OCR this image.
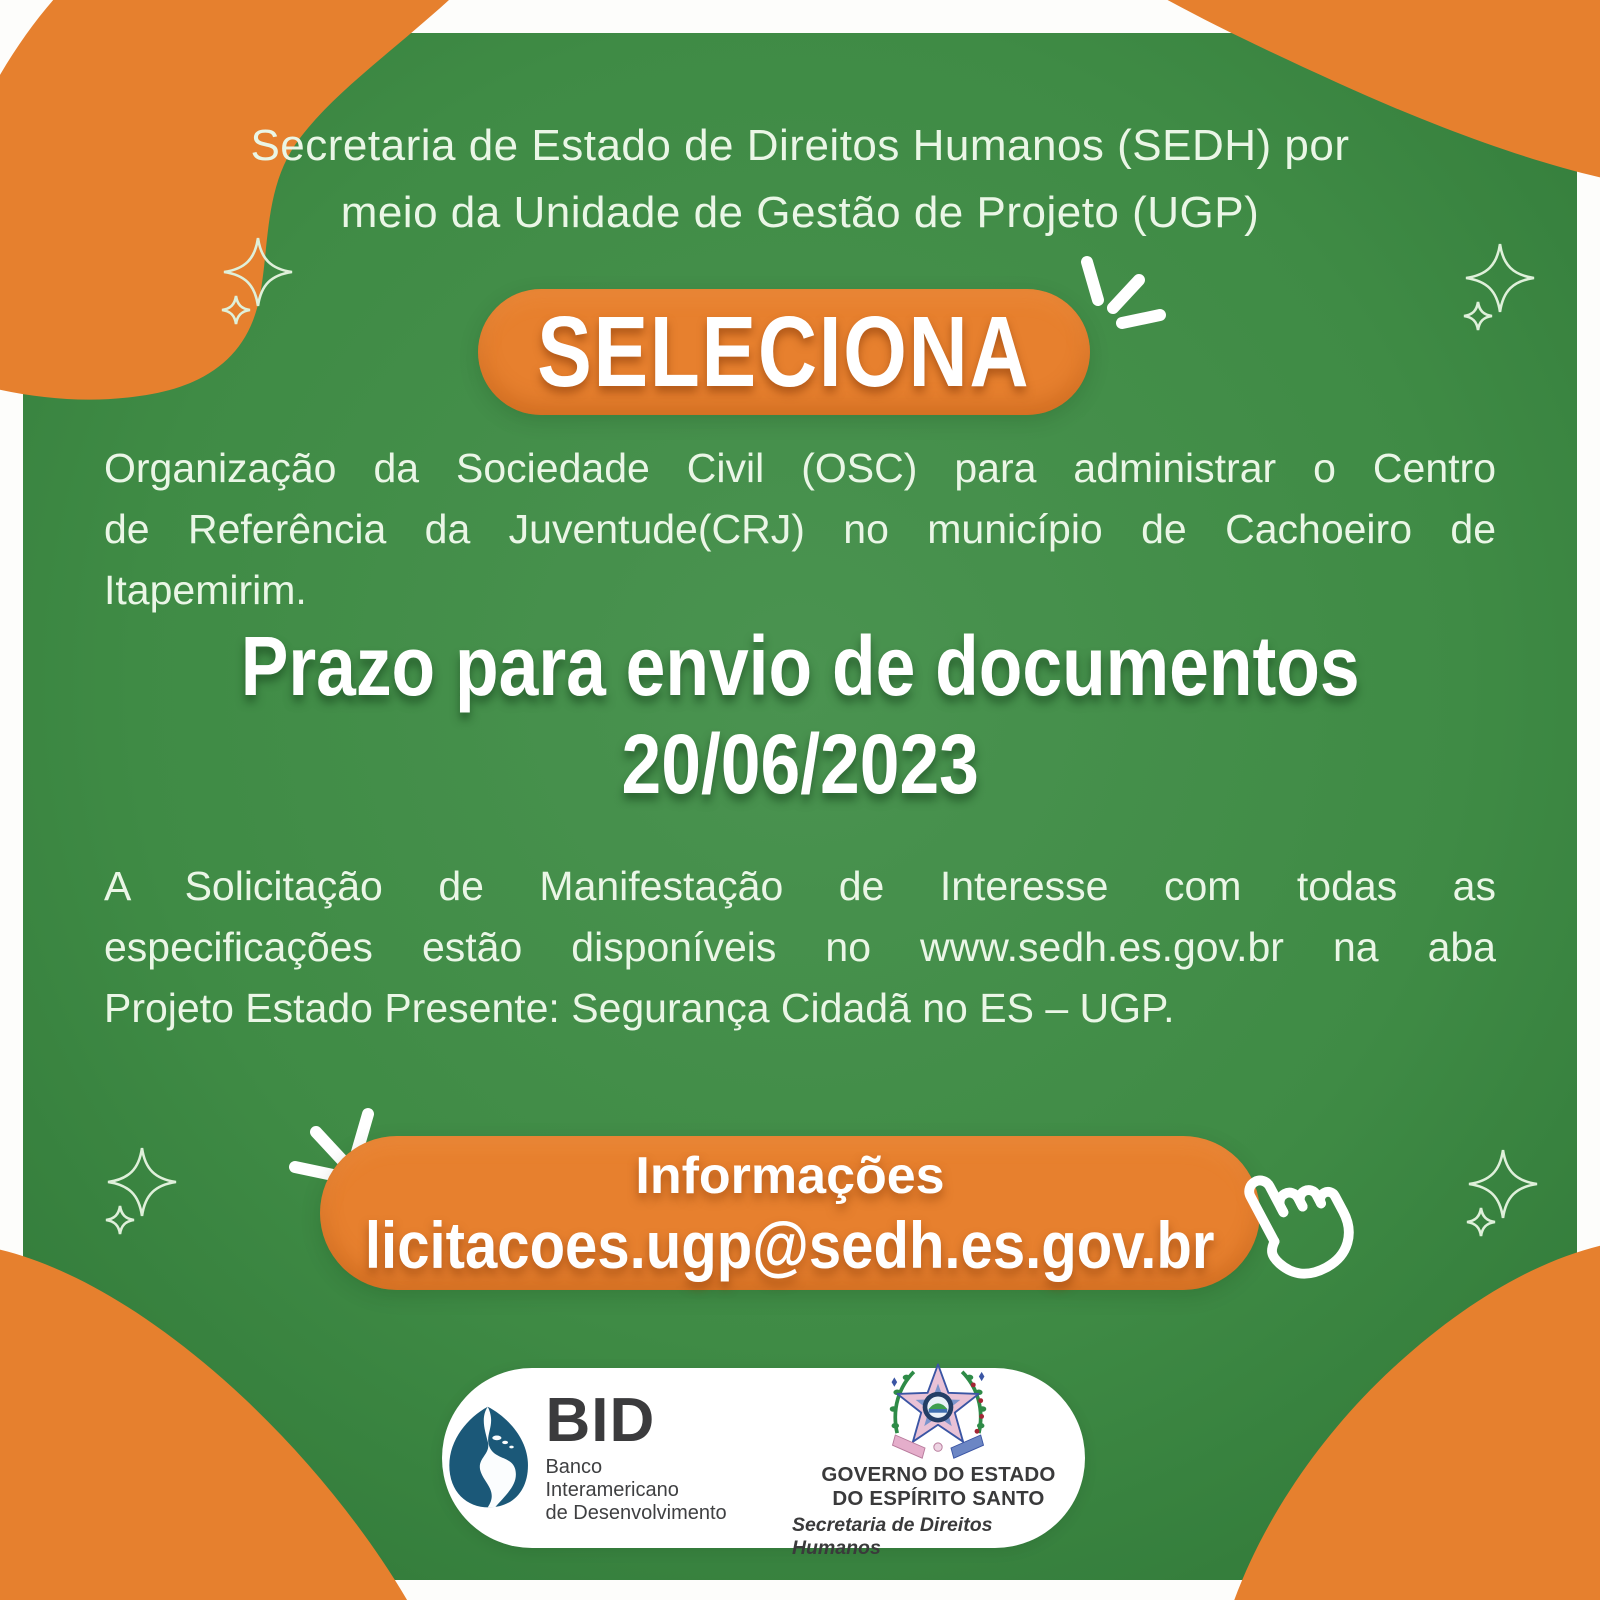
Secretaria de Estado de Direitos Humanos (SEDH) por
meio da Unidade de Gestão de Projeto (UGP)
SELECIONA
Organização da Sociedade Civil (OSC) para administrar o Centro
de Referência da Juventude(CRJ) no município de Cachoeiro de
Itapemirim.
Prazo para envio de documentos
20/06/2023
A Solicitação de Manifestação de Interesse com todas as
especificações estão disponíveis no www.sedh.es.gov.br na aba
Projeto Estado Presente: Segurança Cidadã no ES – UGP.
Informações
licitacoes.ugp@sedh.es.gov.br
BID
Banco Interamericano
de Desenvolvimento
GOVERNO DO ESTADO
DO ESPÍRITO SANTO
Secretaria de Direitos Humanos
